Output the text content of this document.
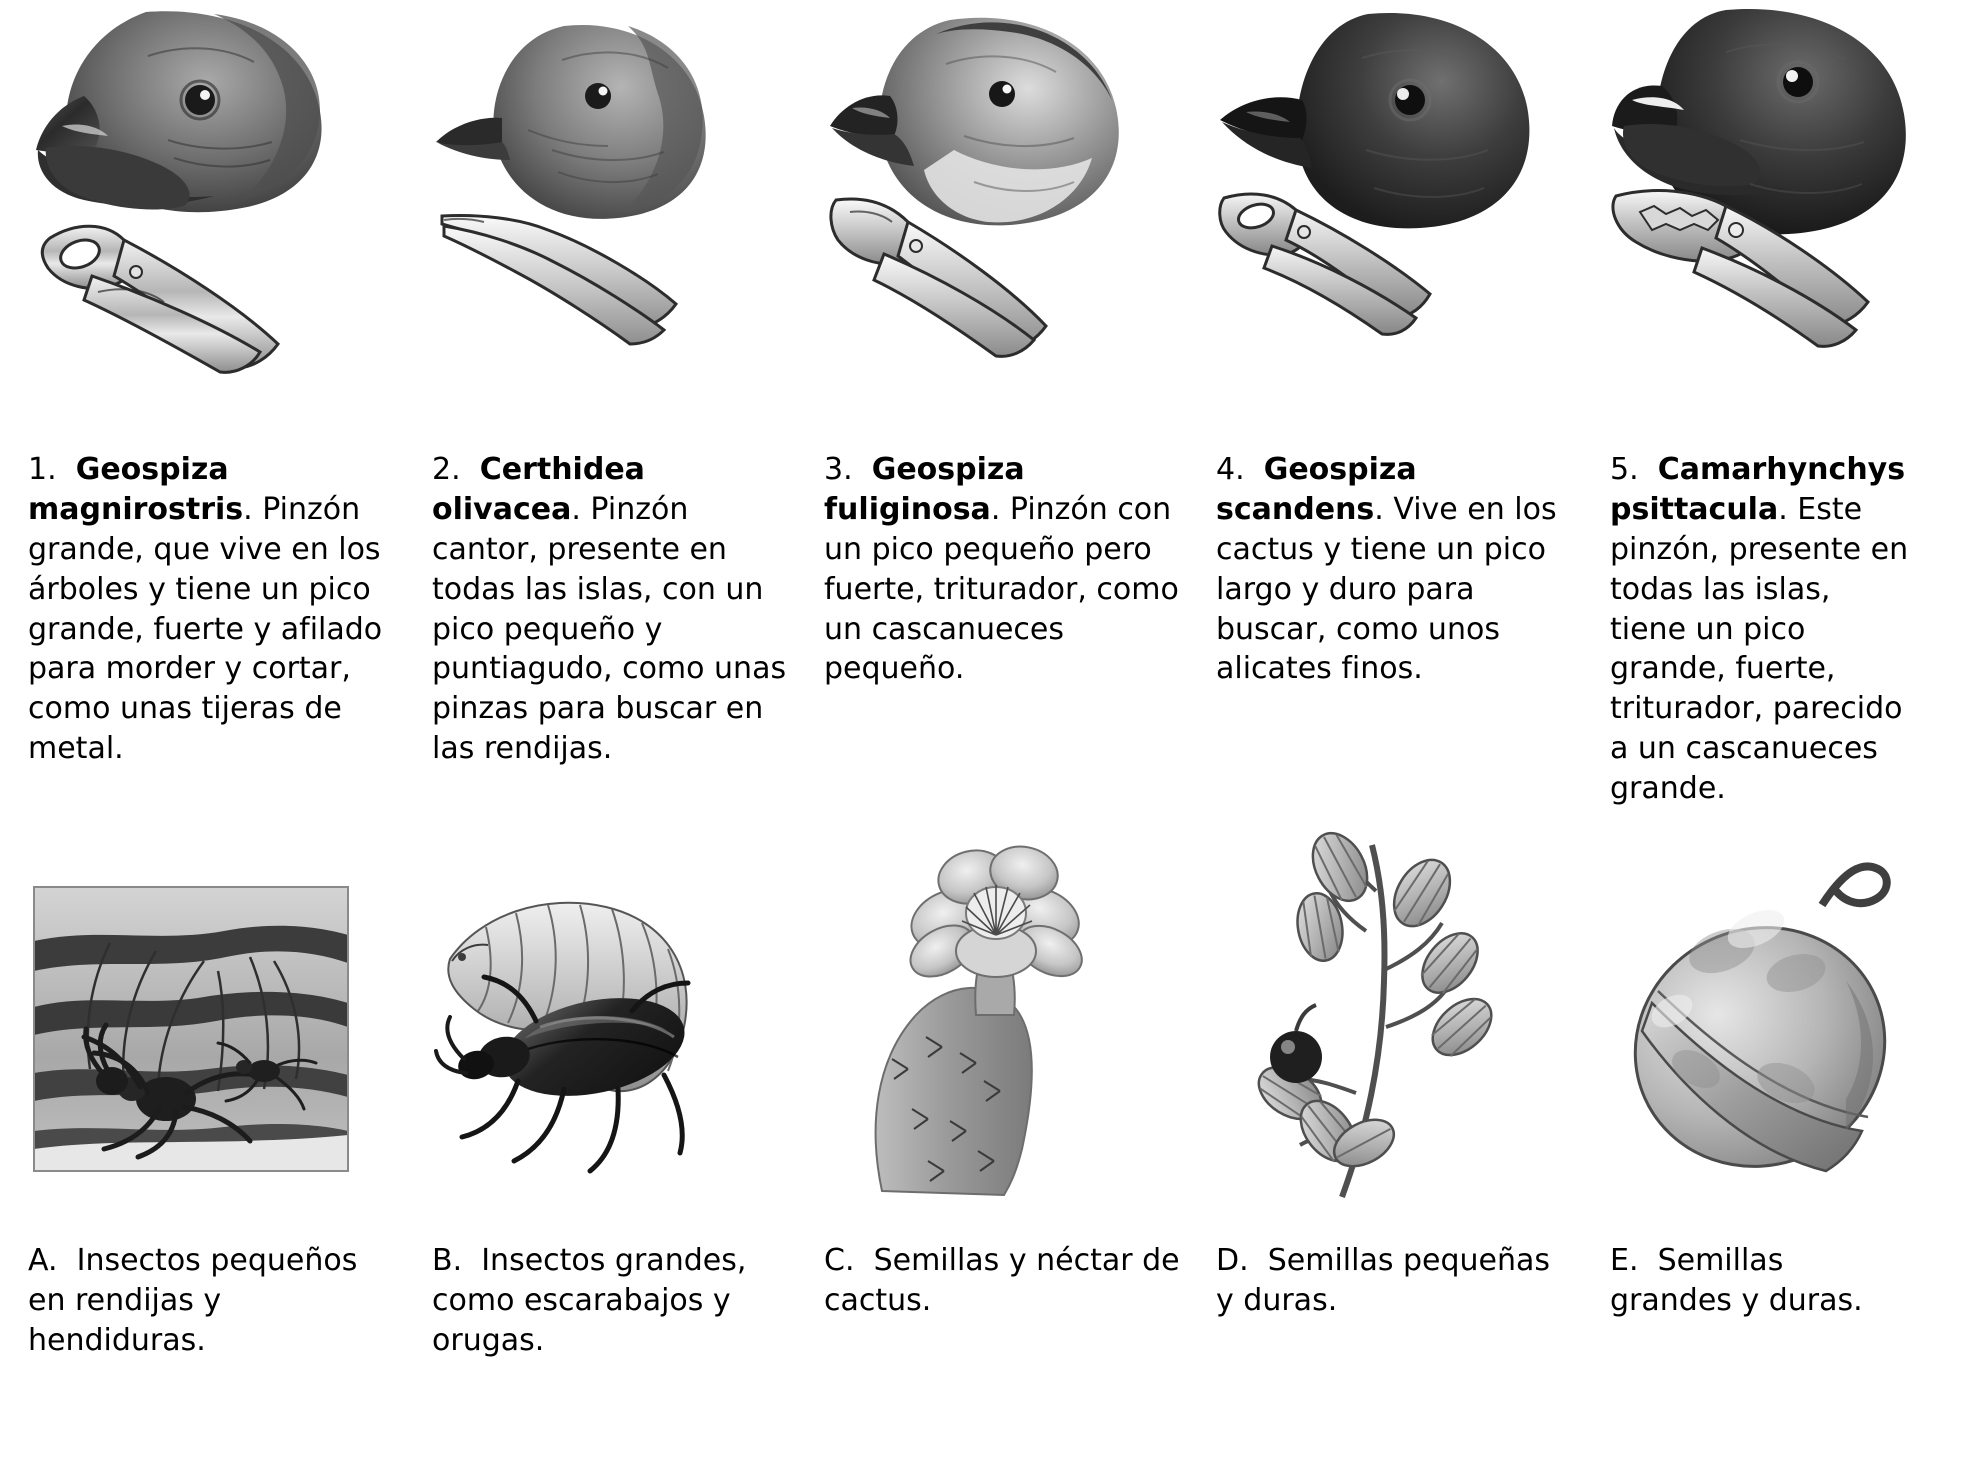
1. Geospiza magnirostris. Pinzón grande, que vive en los árboles y tiene un pico grande, fuerte y afilado para morder y cortar, como unas tijeras de metal.
2. Certhidea olivacea. Pinzón cantor, presente en todas las islas, con un pico pequeño y puntiagudo, como unas pinzas para buscar en las rendijas.
3. Geospiza fuliginosa. Pinzón con un pico pequeño pero fuerte, triturador, como un cascanueces pequeño.
4. Geospiza scandens. Vive en los cactus y tiene un pico largo y duro para buscar, como unos alicates finos.
5. Camarhynchys psittacula. Este pinzón, presente en todas las islas, tiene un pico grande, fuerte, triturador, parecido a un cascanueces grande.
A. Insectos pequeños en rendijas y hendiduras.
B. Insectos grandes, como escarabajos y orugas.
C. Semillas y néctar de cactus.
D. Semillas pequeñas y duras.
E. Semillas grandes y duras.
